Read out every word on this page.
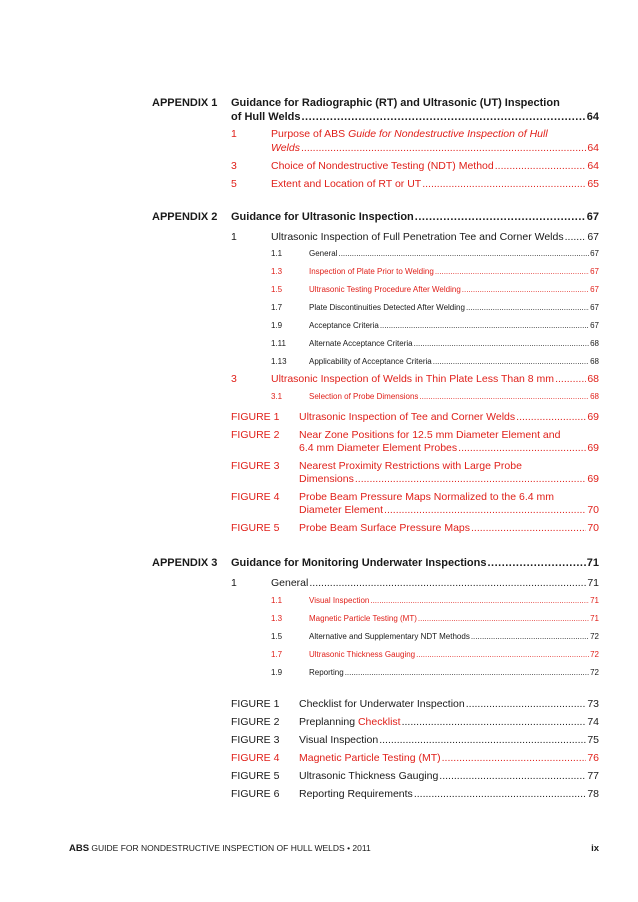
APPENDIX 1 Guidance for Radiographic (RT) and Ultrasonic (UT) Inspection
of Hull Welds .....	64
1	Purpose of ABS Guide for Nondestructive Inspection of Hull
Welds .....	64
3	Choice of Nondestructive Testing (NDT) Method .....	64
5	Extent and Location of RT or UT .....	65
APPENDIX 2 Guidance for Ultrasonic Inspection .....	67
1	Ultrasonic Inspection of Full Penetration Tee and Corner Welds ..... 67
1.1	General .....	67
1.3	Inspection of Plate Prior to Welding .....	67
1.5	Ultrasonic Testing Procedure After Welding .....	67
1.7	Plate Discontinuities Detected After Welding .....	67
1.9	Acceptance Criteria .....	67
1.11	Alternate Acceptance Criteria .....	68
1.13	Applicability of Acceptance Criteria .....	68
3	Ultrasonic Inspection of Welds in Thin Plate Less Than 8 mm .....	68
3.1	Selection of Probe Dimensions .....	68
FIGURE 1 Ultrasonic Inspection of Tee and Corner Welds .....	69
FIGURE 2 Near Zone Positions for 12.5 mm Diameter Element and
6.4 mm Diameter Element Probes .....	69
FIGURE 3 Nearest Proximity Restrictions with Large Probe
Dimensions .....	69
FIGURE 4 Probe Beam Pressure Maps Normalized to the 6.4 mm
Diameter Element .....	70
FIGURE 5 Probe Beam Surface Pressure Maps .....	70
APPENDIX 3 Guidance for Monitoring Underwater Inspections .....	71
1	General .....	71
1.1	Visual Inspection .....	71
1.3	Magnetic Particle Testing (MT) .....	71
1.5	Alternative and Supplementary NDT Methods .....	72
1.7	Ultrasonic Thickness Gauging .....	72
1.9	Reporting .....	72
FIGURE 1 Checklist for Underwater Inspection .....	73
FIGURE 2 Preplanning Checklist .....	74
FIGURE 3 Visual Inspection .....	75
FIGURE 4 Magnetic Particle Testing (MT) .....	76
FIGURE 5 Ultrasonic Thickness Gauging .....	77
FIGURE 6 Reporting Requirements .....	78
ABS GUIDE FOR NONDESTRUCTIVE INSPECTION OF HULL WELDS • 2011	ix
